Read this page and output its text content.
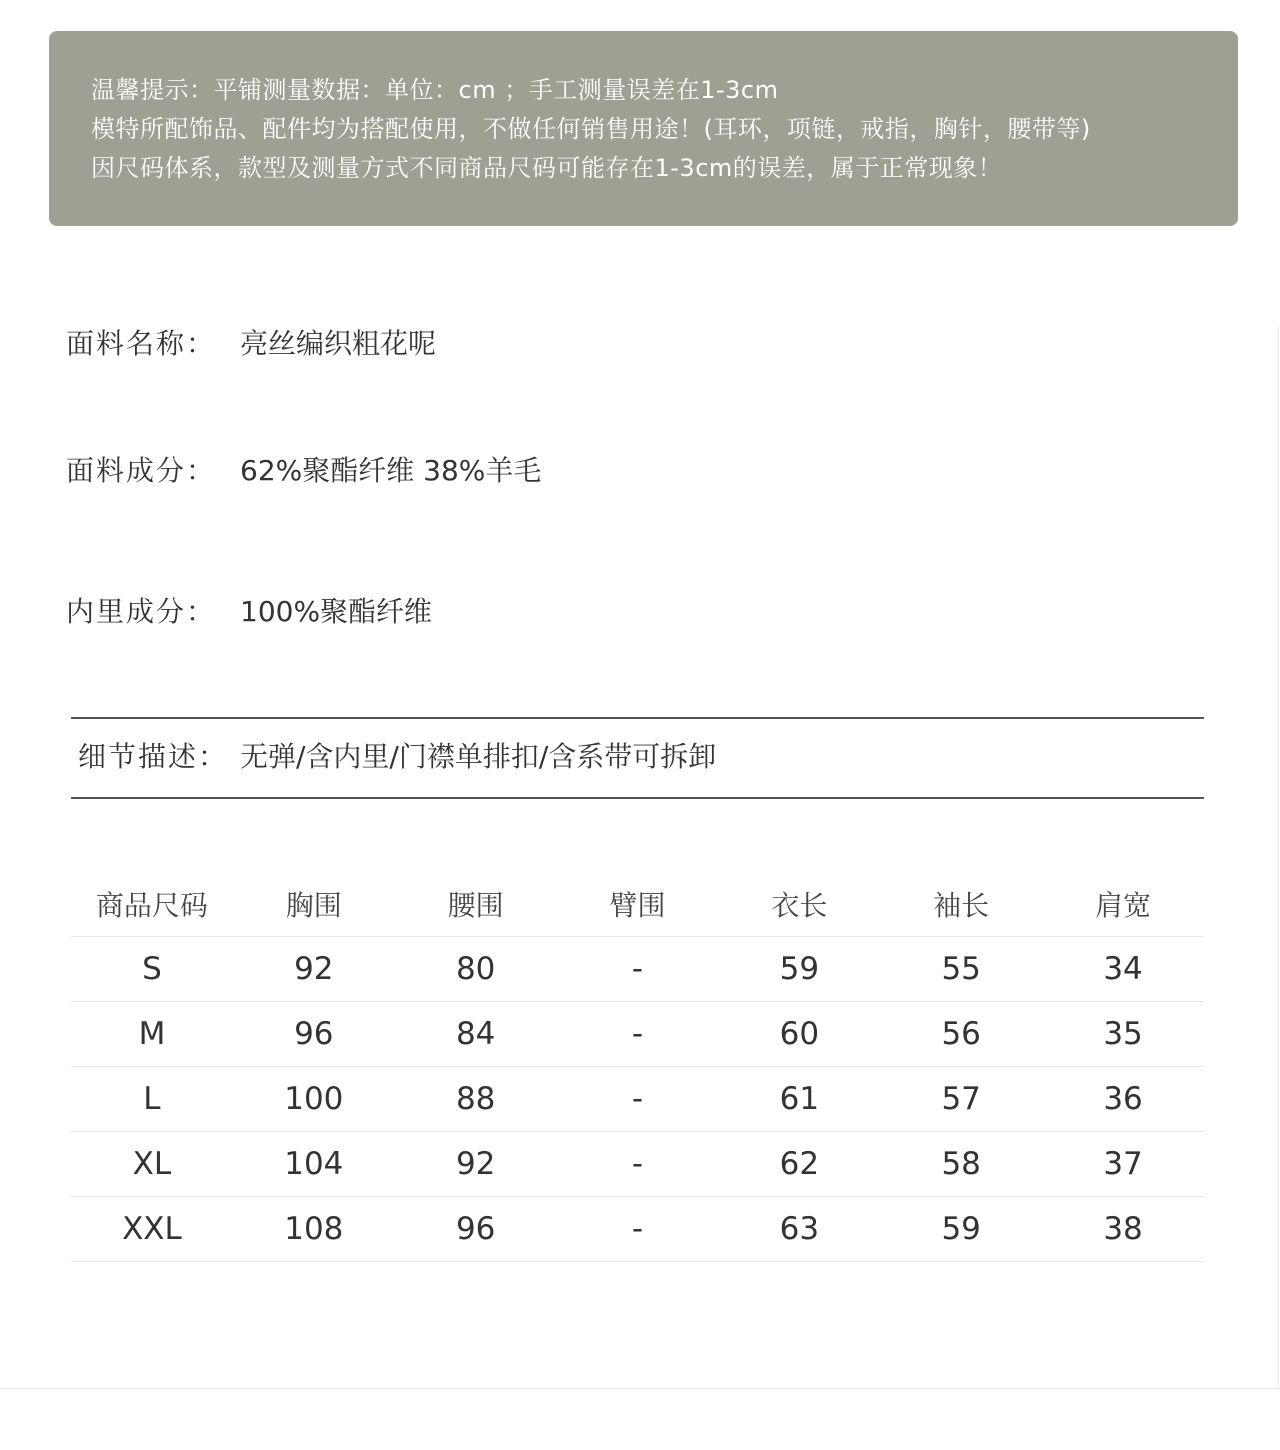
温馨提示：平铺测量数据：单位：cm ；手工测量误差在1-3cm
模特所配饰品、配件均为搭配使用，不做任何销售用途！(耳环，项链，戒指，胸针，腰带等)
因尺码体系，款型及测量方式不同商品尺码可能存在1-3cm的误差，属于正常现象！
面料名称： 亮丝编织粗花呢
面料成分： 62%聚酯纤维 38%羊毛
内里成分： 100%聚酯纤维
细节描述： 无弹/含内里/门襟单排扣/含系带可拆卸
商品尺码	胸围	腰围	臂围	衣长	袖长	肩宽
S	92	80	-	59	55	34
M	96	84	-	60	56	35
L	100	88	-	61	57	36
XL	104	92	-	62	58	37
XXL	108	96	-	63	59	38
